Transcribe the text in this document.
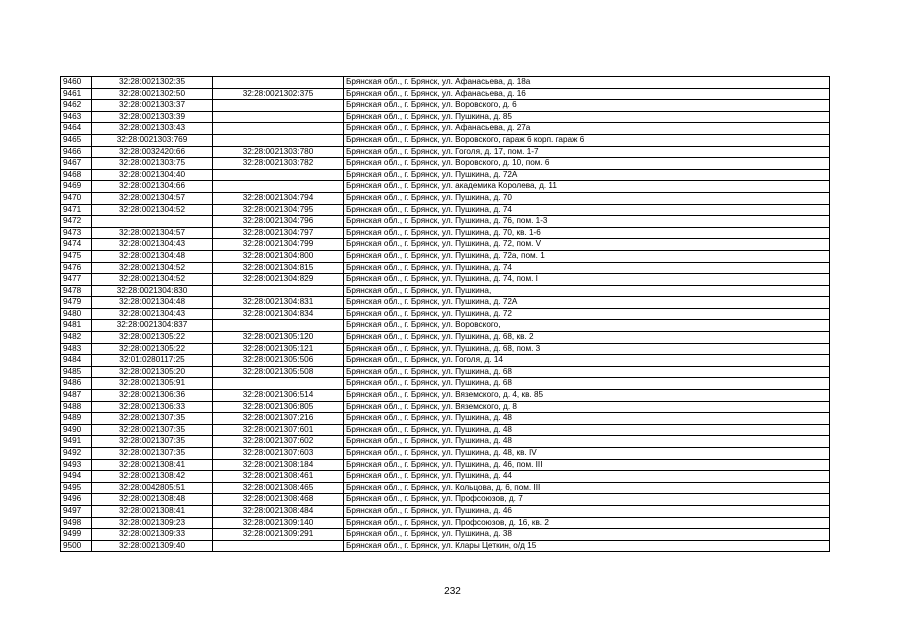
9460	32:28:0021302:35		Брянская обл., г. Брянск, ул. Афанасьева, д. 18а
9461	32:28:0021302:50	32:28:0021302:375	Брянская обл., г. Брянск, ул. Афанасьева, д. 16
9462	32:28:0021303:37		Брянская обл., г. Брянск, ул. Воровского, д. 6
9463	32:28:0021303:39		Брянская обл., г. Брянск, ул. Пушкина, д. 85
9464	32:28:0021303:43		Брянская обл., г. Брянск, ул. Афанасьева, д. 27а
9465	32:28:0021303:769		Брянская обл., г. Брянск, ул. Воровского, гараж 6 корп. гараж 6
9466	32:28:0032420:66	32:28:0021303:780	Брянская обл., г. Брянск, ул. Гоголя, д. 17, пом. 1-7
9467	32:28:0021303:75	32:28:0021303:782	Брянская обл., г. Брянск, ул. Воровского, д. 10, пом. 6
9468	32:28:0021304:40		Брянская обл., г. Брянск, ул. Пушкина, д. 72А
9469	32:28:0021304:66		Брянская обл., г. Брянск, ул. академика Королева, д. 11
9470	32:28:0021304:57	32:28:0021304:794	Брянская обл., г. Брянск, ул. Пушкина, д. 70
9471	32:28:0021304:52	32:28:0021304:795	Брянская обл., г. Брянск, ул. Пушкина, д. 74
9472		32:28:0021304:796	Брянская обл., г. Брянск, ул. Пушкина, д. 76, пом. 1-3
9473	32:28:0021304:57	32:28:0021304:797	Брянская обл., г. Брянск, ул. Пушкина, д. 70, кв. 1-6
9474	32:28:0021304:43	32:28:0021304:799	Брянская обл., г. Брянск, ул. Пушкина, д. 72, пом. V
9475	32:28:0021304:48	32:28:0021304:800	Брянская обл., г. Брянск, ул. Пушкина, д. 72а, пом. 1
9476	32:28:0021304:52	32:28:0021304:815	Брянская обл., г. Брянск, ул. Пушкина, д. 74
9477	32:28:0021304:52	32:28:0021304:829	Брянская обл., г. Брянск, ул. Пушкина, д. 74, пом. I
9478	32:28:0021304:830		Брянская обл., г. Брянск, ул. Пушкина,
9479	32:28:0021304:48	32:28:0021304:831	Брянская обл., г. Брянск, ул. Пушкина, д. 72А
9480	32:28:0021304:43	32:28:0021304:834	Брянская обл., г. Брянск, ул. Пушкина, д. 72
9481	32:28:0021304:837		Брянская обл., г. Брянск, ул. Воровского,
9482	32:28:0021305:22	32:28:0021305:120	Брянская обл., г. Брянск, ул. Пушкина, д. 68, кв. 2
9483	32:28:0021305:22	32:28:0021305:121	Брянская обл., г. Брянск, ул. Пушкина, д. 68, пом. 3
9484	32:01:0280117:25	32:28:0021305:506	Брянская обл., г. Брянск, ул. Гоголя, д. 14
9485	32:28:0021305:20	32:28:0021305:508	Брянская обл., г. Брянск, ул. Пушкина, д. 68
9486	32:28:0021305:91		Брянская обл., г. Брянск, ул. Пушкина, д. 68
9487	32:28:0021306:36	32:28:0021306:514	Брянская обл., г. Брянск, ул. Вяземского, д. 4, кв. 85
9488	32:28:0021306:33	32:28:0021306:805	Брянская обл., г. Брянск, ул. Вяземского, д. 8
9489	32:28:0021307:35	32:28:0021307:216	Брянская обл., г. Брянск, ул. Пушкина, д. 48
9490	32:28:0021307:35	32:28:0021307:601	Брянская обл., г. Брянск, ул. Пушкина, д. 48
9491	32:28:0021307:35	32:28:0021307:602	Брянская обл., г. Брянск, ул. Пушкина, д. 48
9492	32:28:0021307:35	32:28:0021307:603	Брянская обл., г. Брянск, ул. Пушкина, д. 48, кв. IV
9493	32:28:0021308:41	32:28:0021308:184	Брянская обл., г. Брянск, ул. Пушкина, д. 46, пом. III
9494	32:28:0021308:42	32:28:0021308:461	Брянская обл., г. Брянск, ул. Пушкина, д. 44
9495	32:28:0042805:51	32:28:0021308:465	Брянская обл., г. Брянск, ул. Кольцова, д. 6, пом. III
9496	32:28:0021308:48	32:28:0021308:468	Брянская обл., г. Брянск, ул. Профсоюзов, д. 7
9497	32:28:0021308:41	32:28:0021308:484	Брянская обл., г. Брянск, ул. Пушкина, д. 46
9498	32:28:0021309:23	32:28:0021309:140	Брянская обл., г. Брянск, ул. Профсоюзов, д. 16, кв. 2
9499	32:28:0021309:33	32:28:0021309:291	Брянская обл., г. Брянск, ул. Пушкина, д. 38
9500	32:28:0021309:40		Брянская обл., г. Брянск, ул. Клары Цеткин, о/д 15
232
